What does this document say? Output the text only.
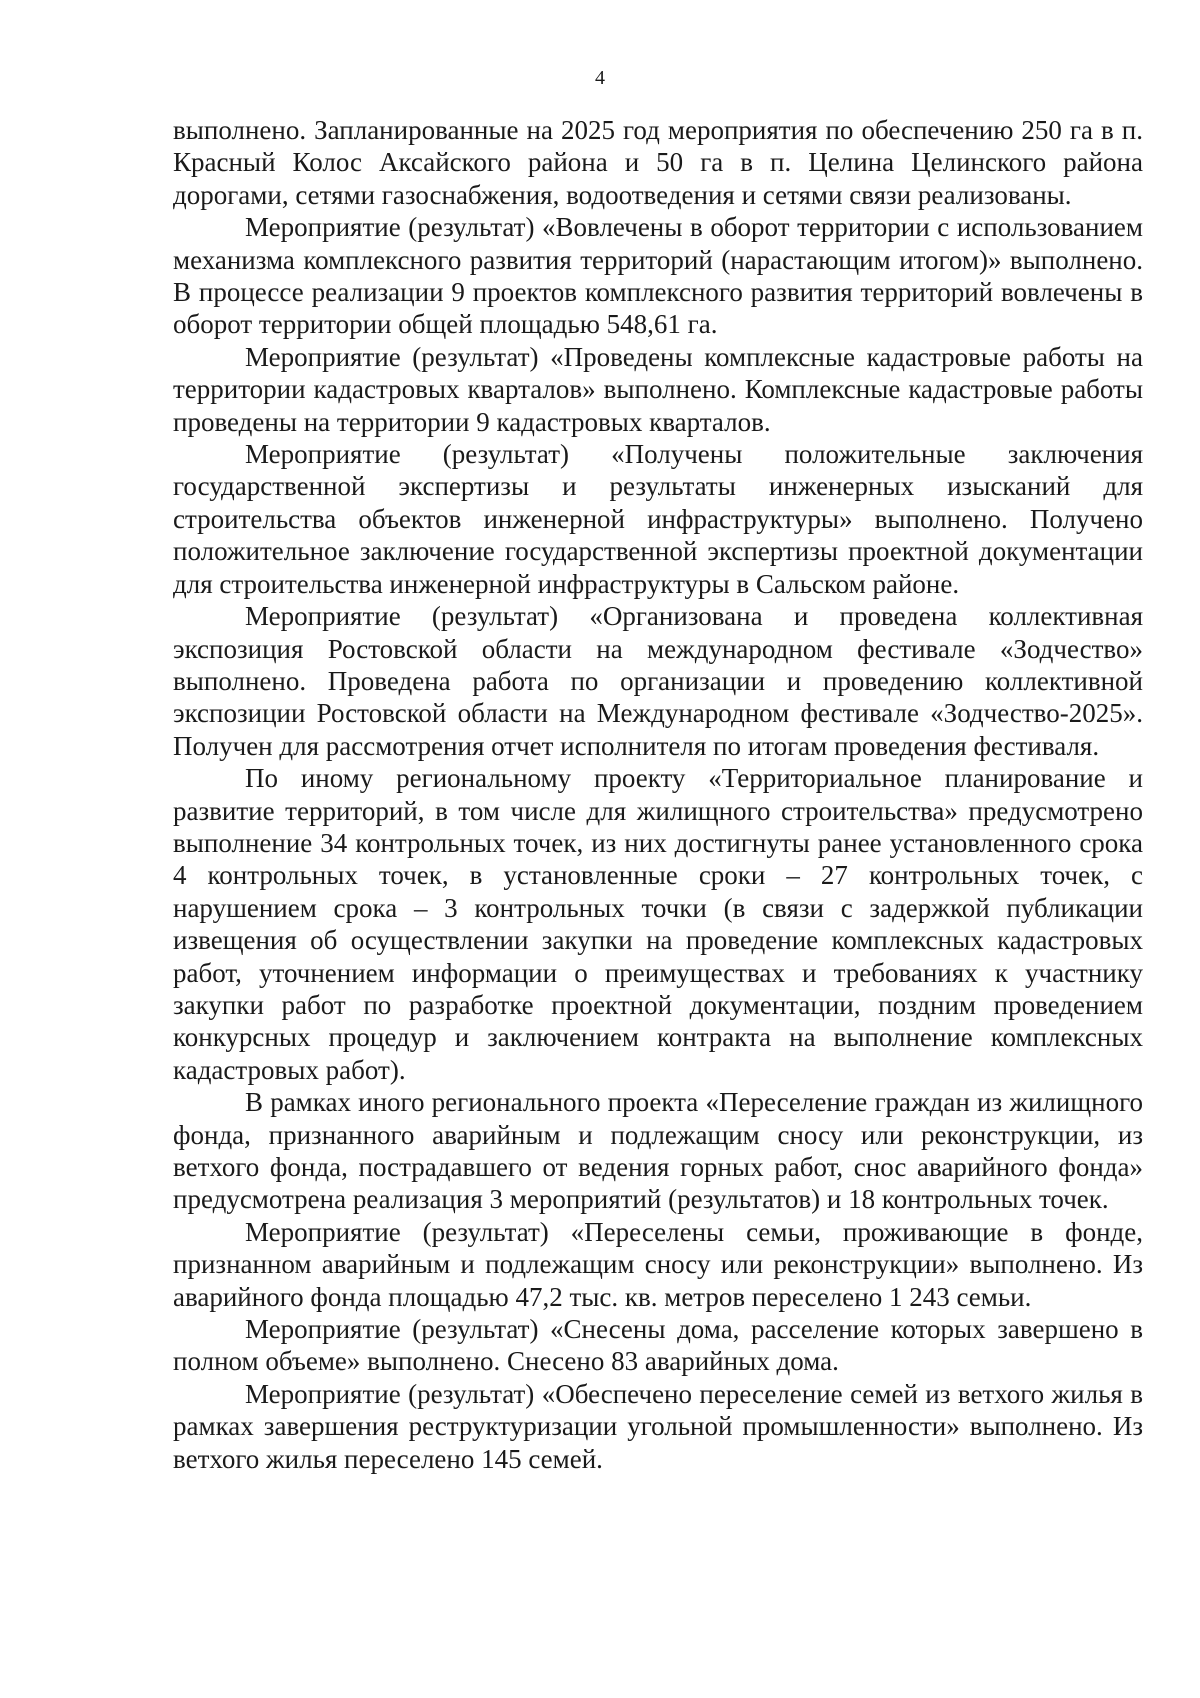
4

выполнено. Запланированные на 2025 год мероприятия по обеспечению 250 га в п. Красный Колос Аксайского района и 50 га в п. Целина Целинского района дорогами, сетями газоснабжения, водоотведения и сетями связи реализованы.

Мероприятие (результат) «Вовлечены в оборот территории с использованием механизма комплексного развития территорий (нарастающим итогом)» выполнено. В процессе реализации 9 проектов комплексного развития территорий вовлечены в оборот территории общей площадью 548,61 га.

Мероприятие (результат) «Проведены комплексные кадастровые работы на территории кадастровых кварталов» выполнено. Комплексные кадастровые работы проведены на территории 9 кадастровых кварталов.

Мероприятие (результат) «Получены положительные заключения государственной экспертизы и результаты инженерных изысканий для строительства объектов инженерной инфраструктуры» выполнено. Получено положительное заключение государственной экспертизы проектной документации для строительства инженерной инфраструктуры в Сальском районе.

Мероприятие (результат) «Организована и проведена коллективная экспозиция Ростовской области на международном фестивале «Зодчество» выполнено. Проведена работа по организации и проведению коллективной экспозиции Ростовской области на Международном фестивале «Зодчество-2025». Получен для рассмотрения отчет исполнителя по итогам проведения фестиваля.

По иному региональному проекту «Территориальное планирование и развитие территорий, в том числе для жилищного строительства» предусмотрено выполнение 34 контрольных точек, из них достигнуты ранее установленного срока 4 контрольных точек, в установленные сроки – 27 контрольных точек, с нарушением срока – 3 контрольных точки (в связи с задержкой публикации извещения об осуществлении закупки на проведение комплексных кадастровых работ, уточнением информации о преимуществах и требованиях к участнику закупки работ по разработке проектной документации, поздним проведением конкурсных процедур и заключением контракта на выполнение комплексных кадастровых работ).

В рамках иного регионального проекта «Переселение граждан из жилищного фонда, признанного аварийным и подлежащим сносу или реконструкции, из ветхого фонда, пострадавшего от ведения горных работ, снос аварийного фонда» предусмотрена реализация 3 мероприятий (результатов) и 18 контрольных точек.

Мероприятие (результат) «Переселены семьи, проживающие в фонде, признанном аварийным и подлежащим сносу или реконструкции» выполнено. Из аварийного фонда площадью 47,2 тыс. кв. метров переселено 1 243 семьи.

Мероприятие (результат) «Снесены дома, расселение которых завершено в полном объеме» выполнено. Снесено 83 аварийных дома.

Мероприятие (результат) «Обеспечено переселение семей из ветхого жилья в рамках завершения реструктуризации угольной промышленности» выполнено. Из ветхого жилья переселено 145 семей.
